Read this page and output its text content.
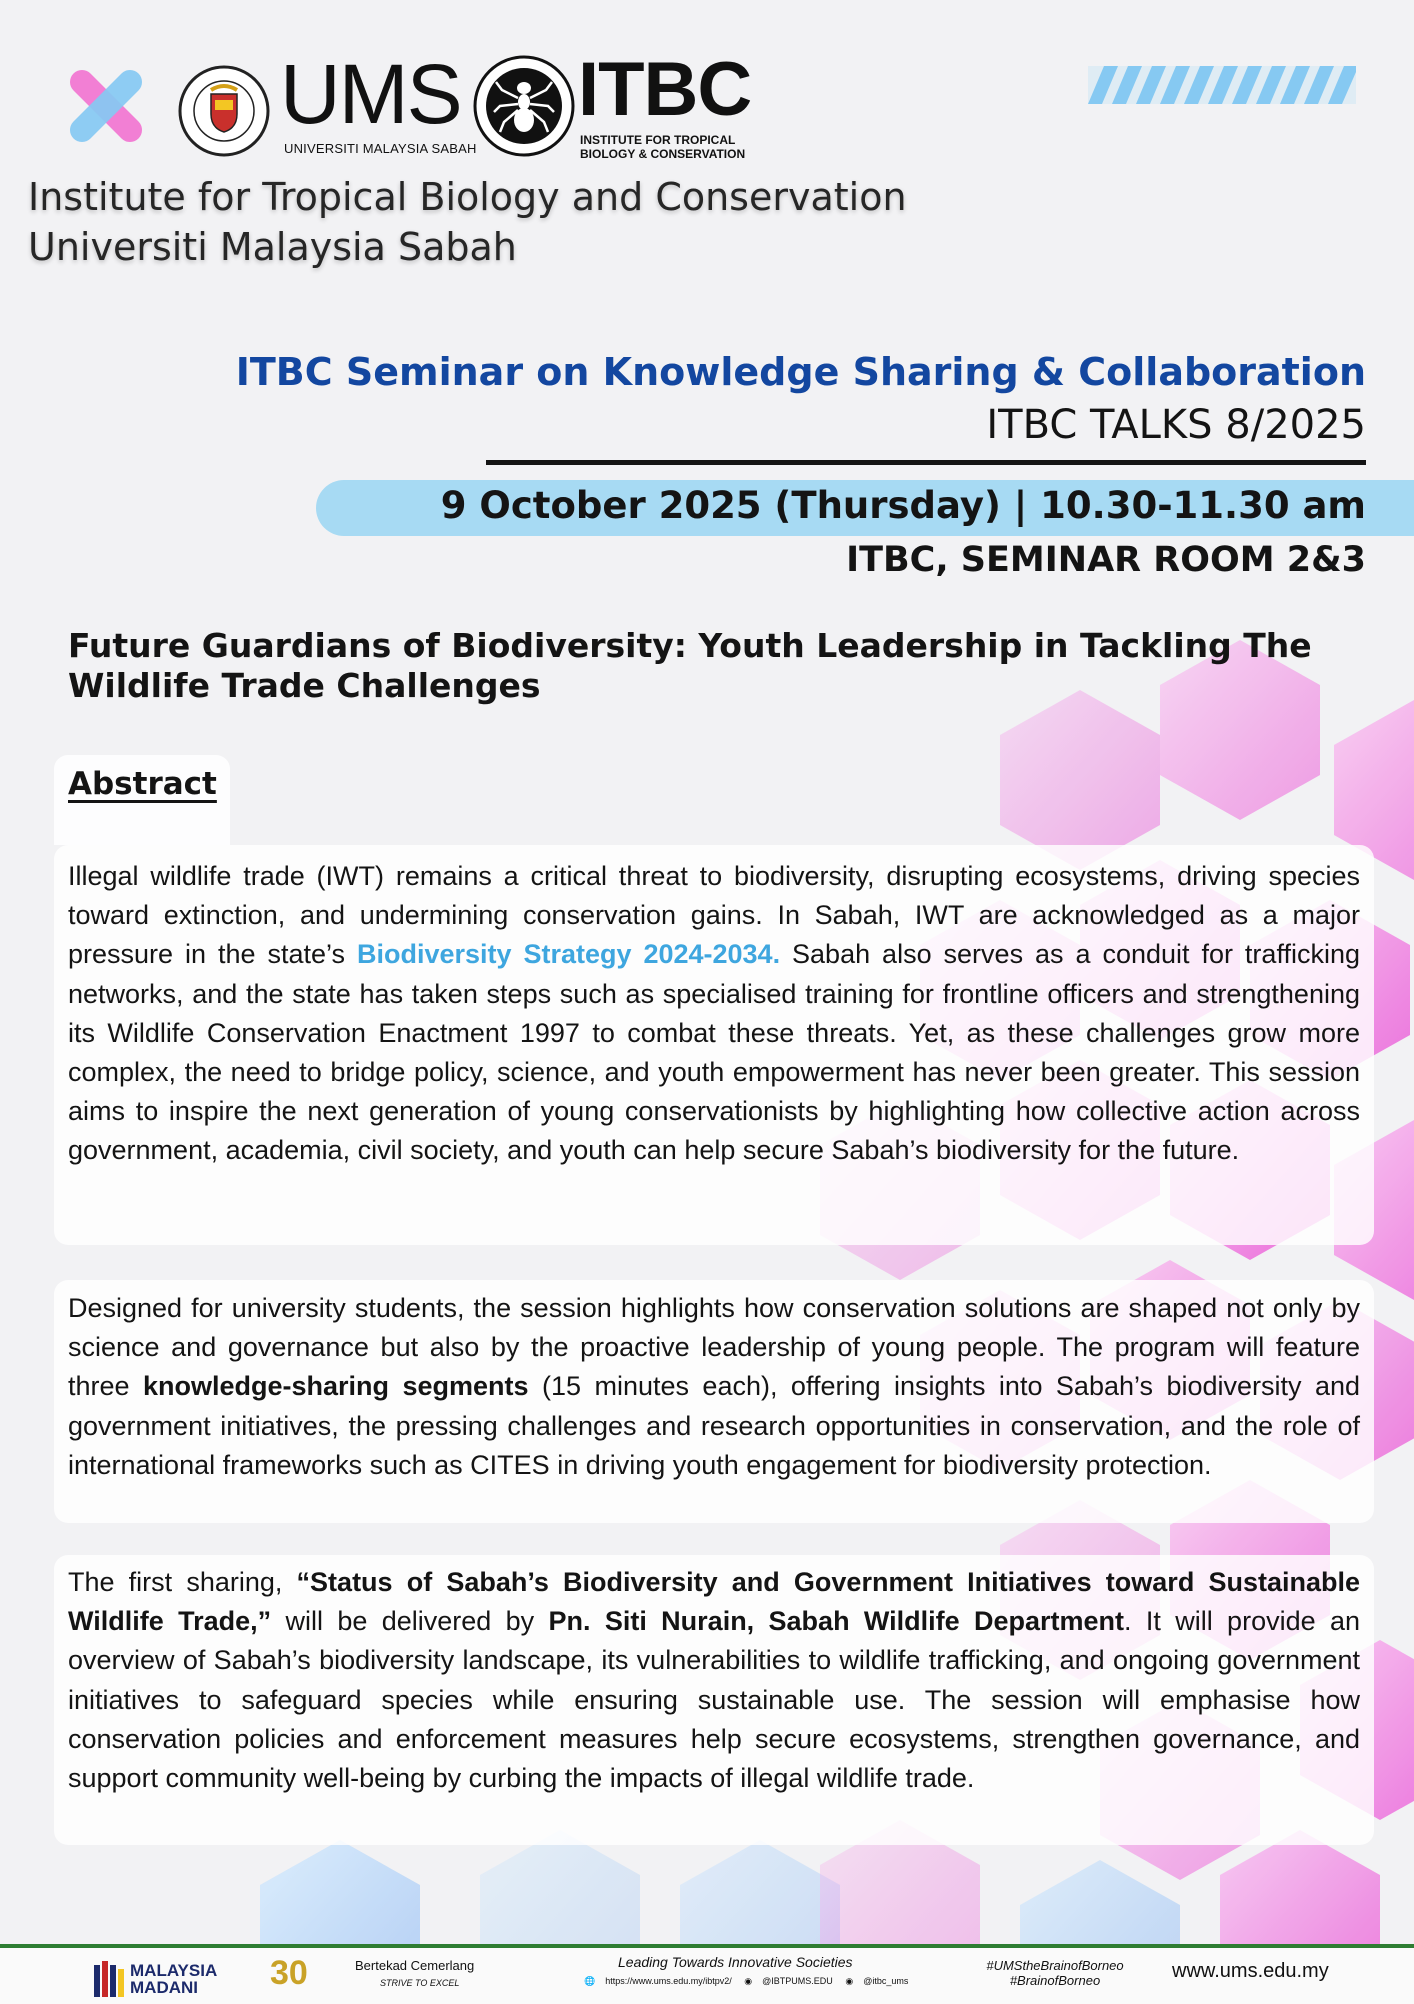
UMS
UNIVERSITI MALAYSIA SABAH
ITBC
INSTITUTE FOR TROPICAL BIOLOGY & CONSERVATION
Institute for Tropical Biology and Conservation
Universiti Malaysia Sabah
ITBC Seminar on Knowledge Sharing & Collaboration
ITBC TALKS 8/2025
9 October 2025 (Thursday) | 10.30-11.30 am
ITBC, SEMINAR ROOM 2&3
Future Guardians of Biodiversity: Youth Leadership in Tackling The Wildlife Trade Challenges
Abstract

Illegal wildlife trade (IWT) remains a critical threat to biodiversity, disrupting ecosystems, driving species toward extinction, and undermining conservation gains. In Sabah, IWT are acknowledged as a major pressure in the state’s Biodiversity Strategy 2024-2034. Sabah also serves as a conduit for trafficking networks, and the state has taken steps such as specialised training for frontline officers and strengthening its Wildlife Conservation Enactment 1997 to combat these threats. Yet, as these challenges grow more complex, the need to bridge policy, science, and youth empowerment has never been greater. This session aims to inspire the next generation of young conservationists by highlighting how collective action across government, academia, civil society, and youth can help secure Sabah’s biodiversity for the future.

Designed for university students, the session highlights how conservation solutions are shaped not only by science and governance but also by the proactive leadership of young people. The program will feature three knowledge-sharing segments (15 minutes each), offering insights into Sabah’s biodiversity and government initiatives, the pressing challenges and research opportunities in conservation, and the role of international frameworks such as CITES in driving youth engagement for biodiversity protection.

The first sharing, “Status of Sabah’s Biodiversity and Government Initiatives toward Sustainable Wildlife Trade,” will be delivered by Pn. Siti Nurain, Sabah Wildlife Department. It will provide an overview of Sabah’s biodiversity landscape, its vulnerabilities to wildlife trafficking, and ongoing government initiatives to safeguard species while ensuring sustainable use. The session will emphasise how conservation policies and enforcement measures help secure ecosystems, strengthen governance, and support community well-being by curbing the impacts of illegal wildlife trade.

MALAYSIA
MADANI	30	Bertekad Cemerlang
STRIVE TO EXCEL
Leading Towards Innovative Societies
🌐 https://www.ums.edu.my/ibtpv2/ ◉ @IBTPUMS.EDU ◉ @itbc_ums
#UMStheBrainofBorneo
#BrainofBorneo	www.ums.edu.my
